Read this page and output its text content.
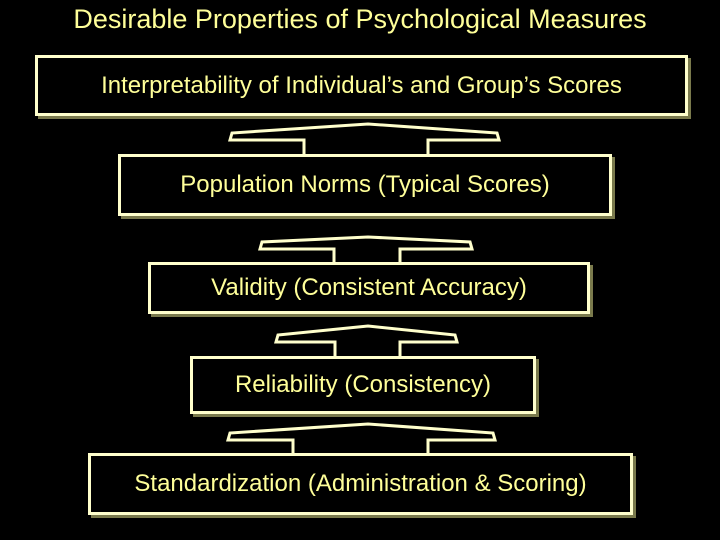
Desirable Properties of Psychological Measures
Interpretability of Individual’s and Group’s Scores
Population Norms (Typical Scores)
Validity (Consistent Accuracy)
Reliability (Consistency)
Standardization (Administration & Scoring)
